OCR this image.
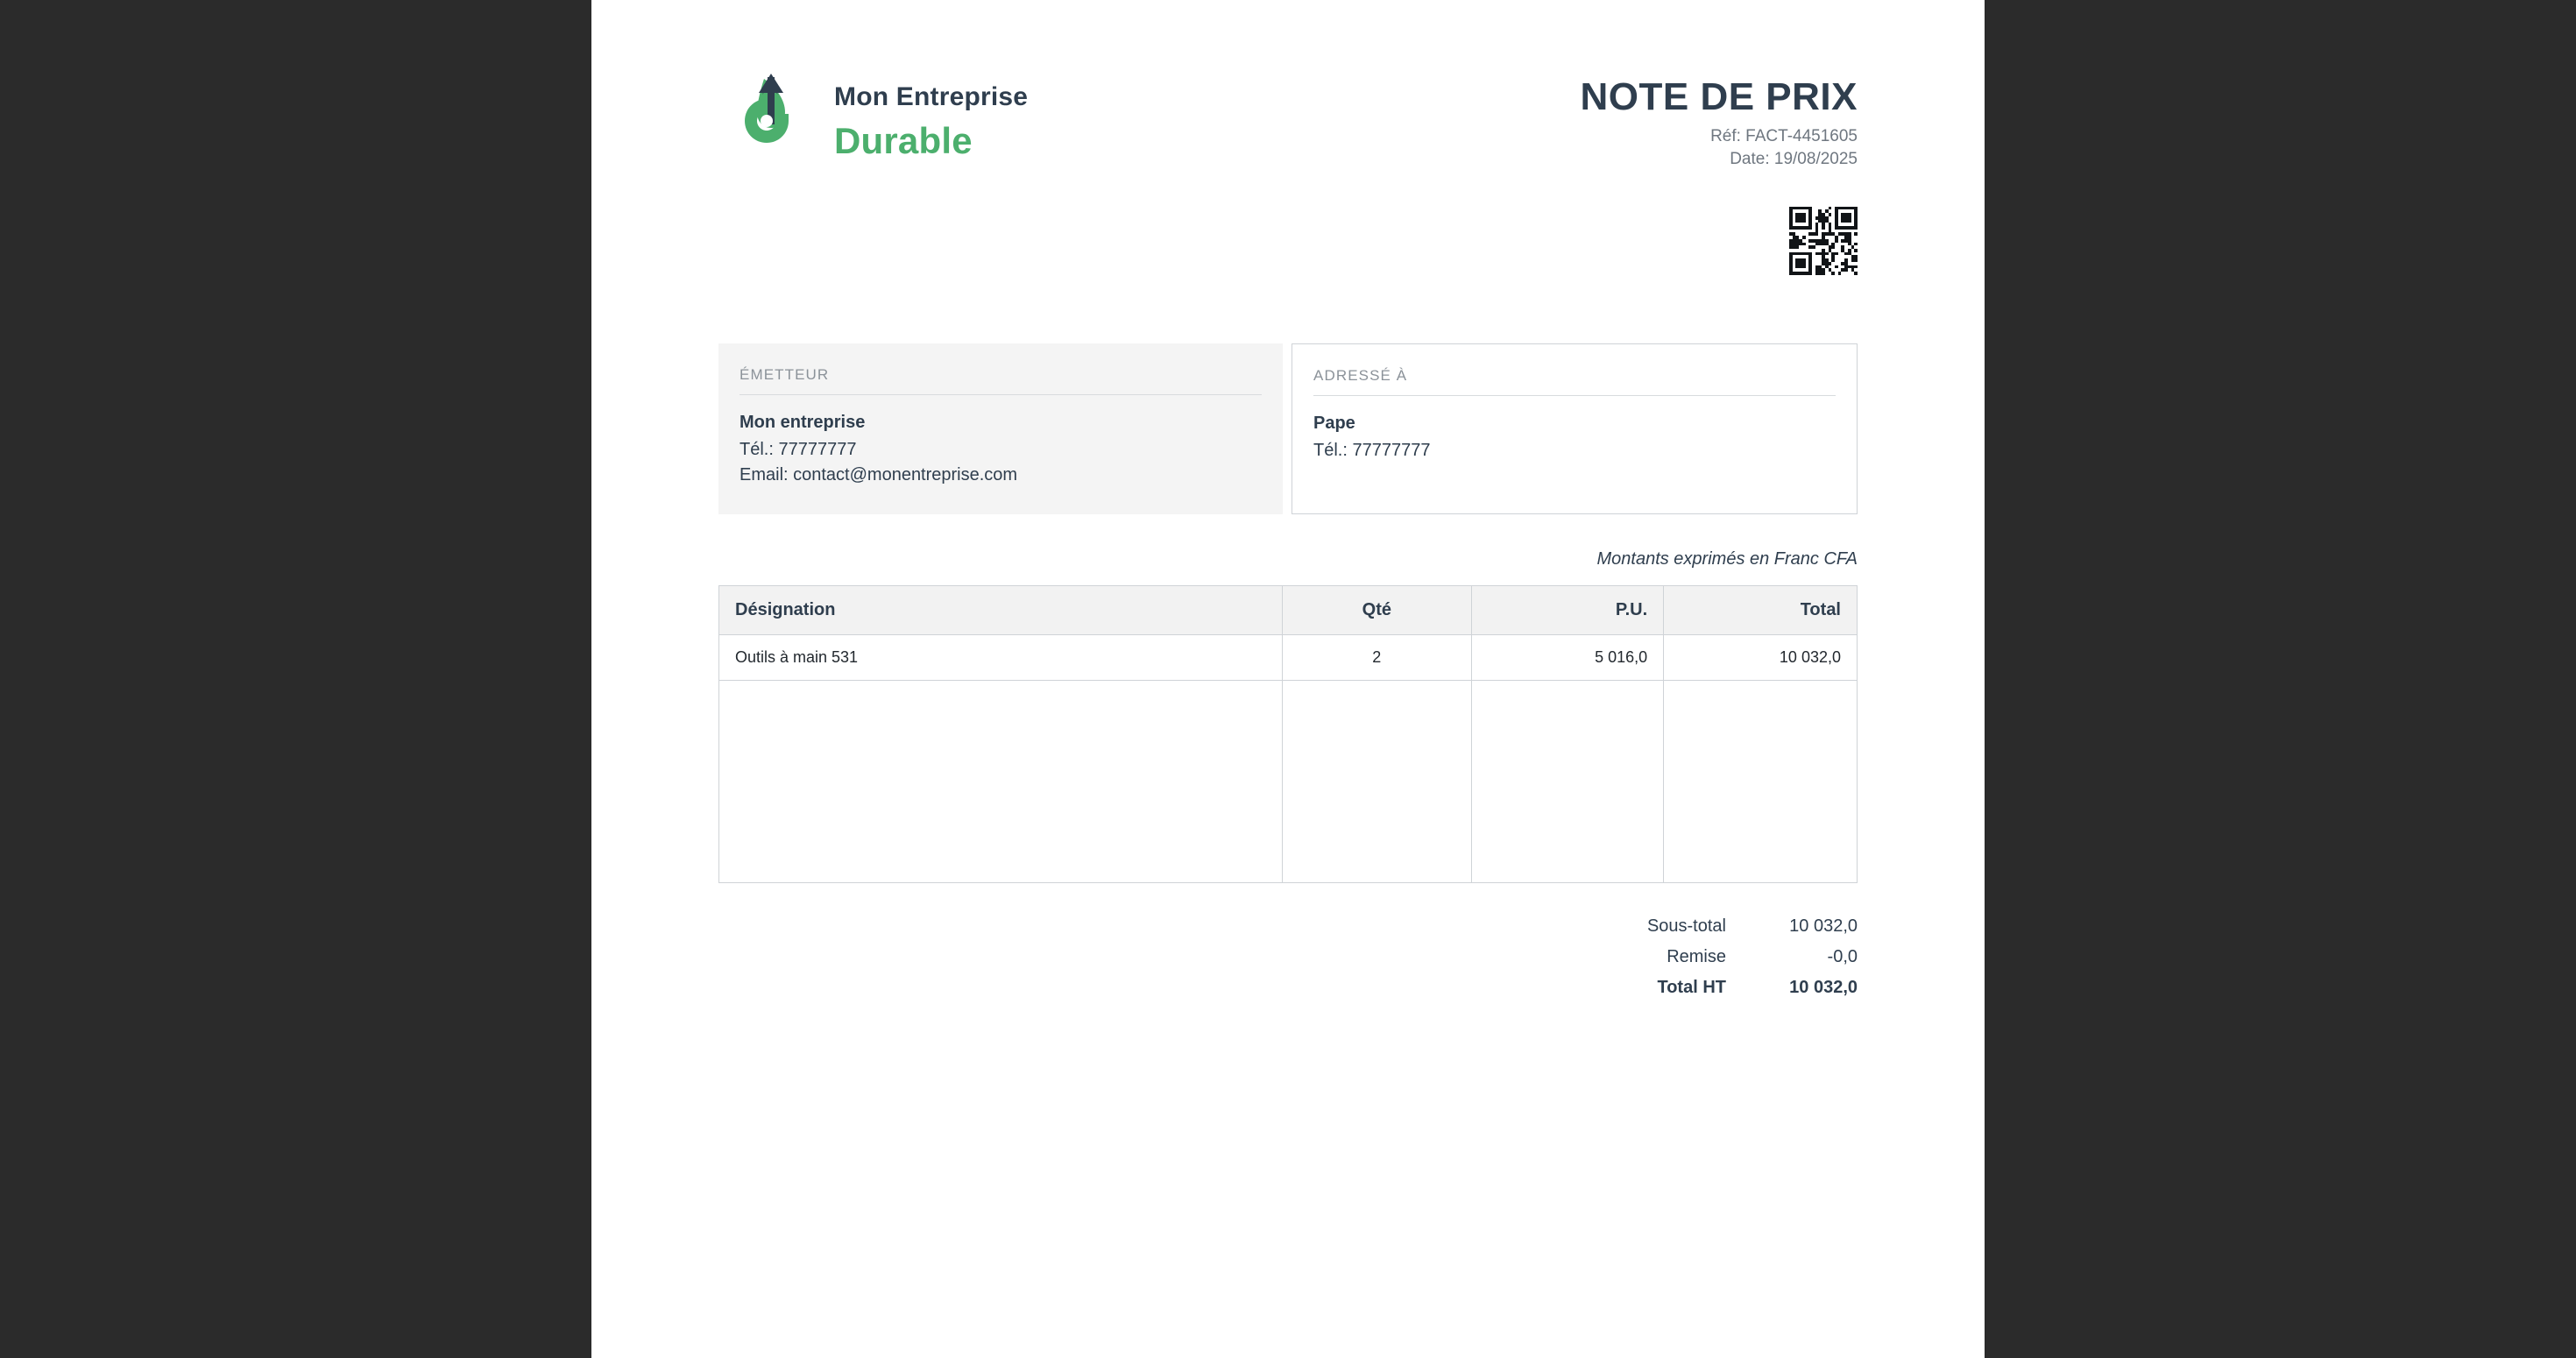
Mon Entreprise
Durable
NOTE DE PRIX
Réf: FACT-4451605
Date: 19/08/2025
ÉMETTEUR
Mon entreprise
Tél.: 77777777
Email: contact@monentreprise.com
ADRESSÉ À
Pape
Tél.: 77777777
Montants exprimés en Franc CFA
Désignation	Qté	P.U.	Total
Outils à main 531	2	5 016,0	10 032,0

Sous-total	10 032,0
Remise	-0,0
Total HT	10 032,0
